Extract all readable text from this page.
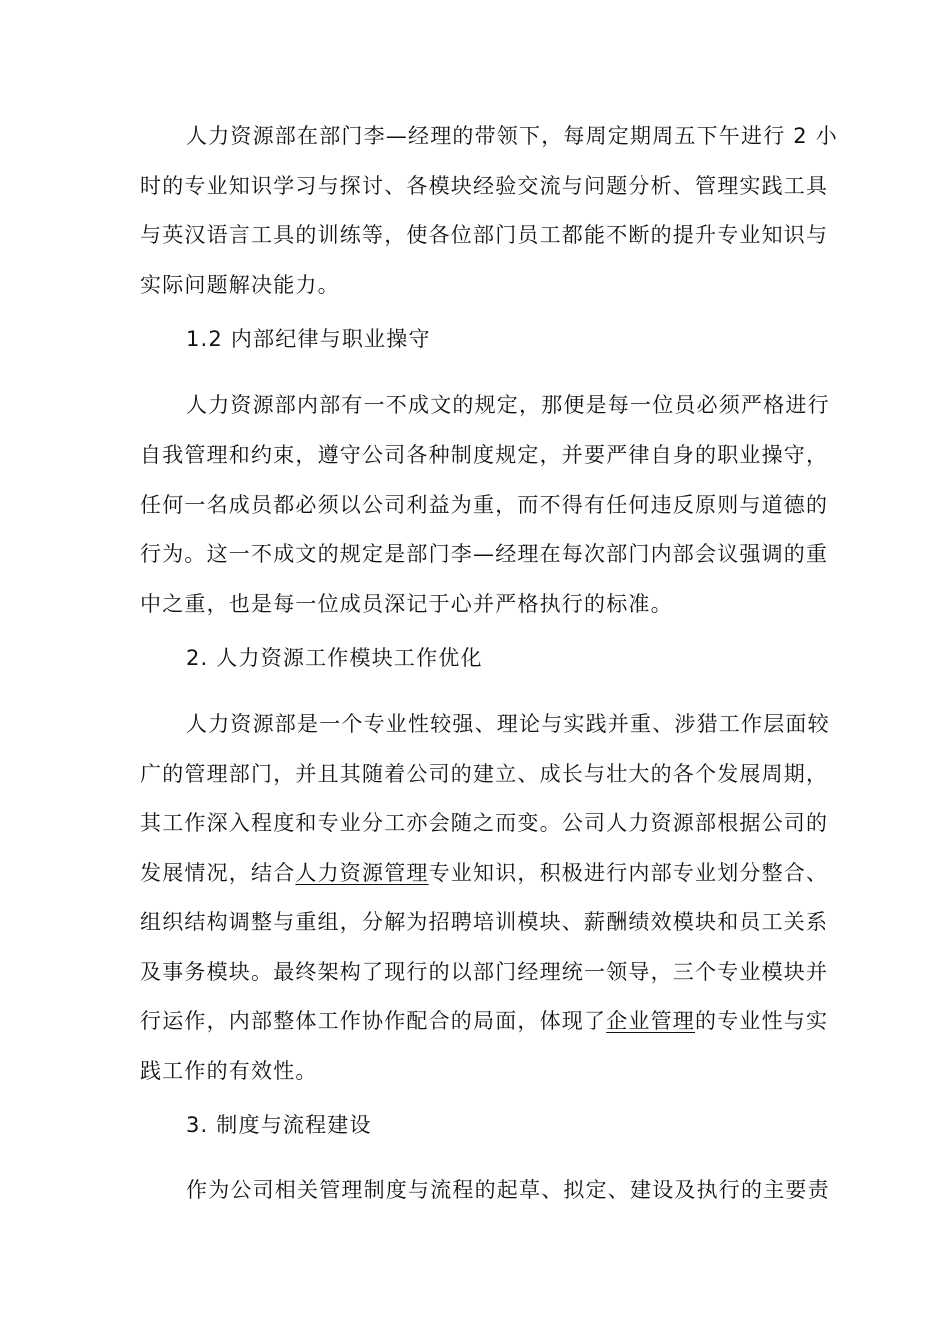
人力资源部在部门李—经理的带领下，每周定期周五下午进行 2 小
时的专业知识学习与探讨、各模块经验交流与问题分析、管理实践工具
与英汉语言工具的训练等，使各位部门员工都能不断的提升专业知识与
实际问题解决能力。
1.2 内部纪律与职业操守
人力资源部内部有一不成文的规定，那便是每一位员必须严格进行
自我管理和约束，遵守公司各种制度规定，并要严律自身的职业操守，
任何一名成员都必须以公司利益为重，而不得有任何违反原则与道德的
行为。这一不成文的规定是部门李—经理在每次部门内部会议强调的重
中之重，也是每一位成员深记于心并严格执行的标准。
2. 人力资源工作模块工作优化
人力资源部是一个专业性较强、理论与实践并重、涉猎工作层面较
广的管理部门，并且其随着公司的建立、成长与壮大的各个发展周期，
其工作深入程度和专业分工亦会随之而变。公司人力资源部根据公司的
发展情况，结合人力资源管理专业知识，积极进行内部专业划分整合、
组织结构调整与重组，分解为招聘培训模块、薪酬绩效模块和员工关系
及事务模块。最终架构了现行的以部门经理统一领导，三个专业模块并
行运作，内部整体工作协作配合的局面，体现了企业管理的专业性与实
践工作的有效性。
3. 制度与流程建设
作为公司相关管理制度与流程的起草、拟定、建设及执行的主要责
